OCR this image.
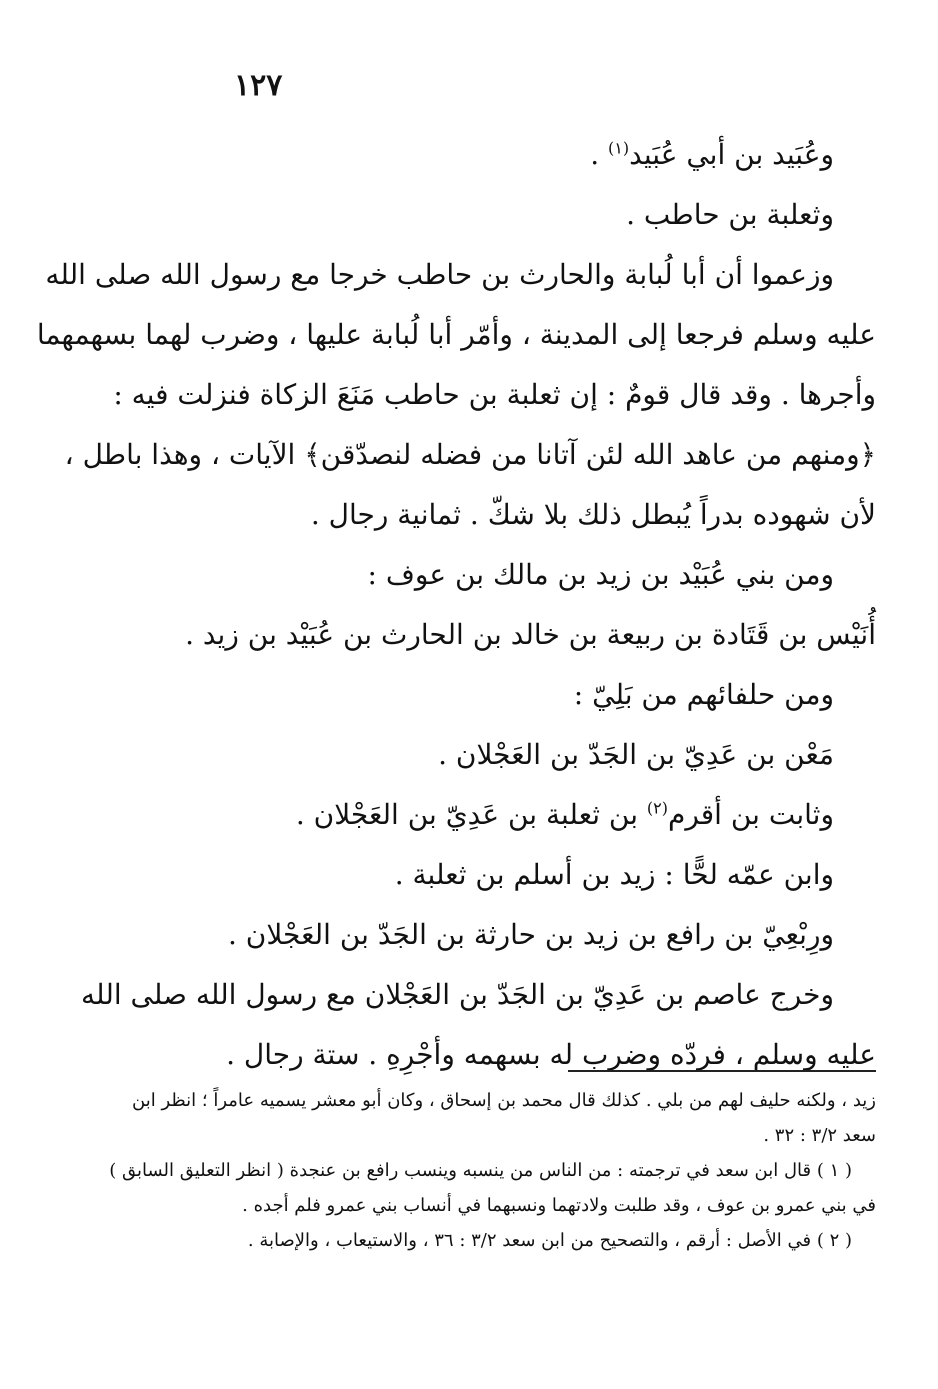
١٢٧
وعُبَيد بن أبي عُبَيد$^{(١)}$ .
وثعلبة بن حاطب .
وزعموا أن أبا لُبابة والحارث بن حاطب خرجا مع رسول الله صلى الله
عليه وسلم فرجعا إلى المدينة ، وأمّر أبا لُبابة عليها ، وضرب لهما بسهمهما
وأجرها . وقد قال قومٌ : إن ثعلبة بن حاطب مَنَعَ الزكاة فنزلت فيه :
﴿ومنهم من عاهد الله لئن آتانا من فضله لنصدّقن﴾ الآيات ، وهذا باطل ،
لأن شهوده بدراً يُبطل ذلك بلا شكّ . ثمانية رجال .
ومن بني عُبَيْد بن زيد بن مالك بن عوف :
أُنَيْس بن قَتَادة بن ربيعة بن خالد بن الحارث بن عُبَيْد بن زيد .
ومن حلفائهم من بَلِيّ :
مَعْن بن عَدِيّ بن الجَدّ بن العَجْلان .
وثابت بن أقرم$^{(٢)}$ بن ثعلبة بن عَدِيّ بن العَجْلان .
وابن عمّه لحًّا : زيد بن أسلم بن ثعلبة .
ورِبْعِيّ بن رافع بن زيد بن حارثة بن الجَدّ بن العَجْلان .
وخرج عاصم بن عَدِيّ بن الجَدّ بن العَجْلان مع رسول الله صلى الله
عليه وسلم ، فردّه وضرب له بسهمه وأجْرِهِ . ستة رجال .
زيد ، ولكنه حليف لهم من بلي . كذلك قال محمد بن إسحاق ، وكان أبو معشر يسميه عامراً ؛ انظر ابن
سعد ٣/٢ : ٣٢ .
( ١ ) قال ابن سعد في ترجمته : من الناس من ينسبه وينسب رافع بن عنجدة ( انظر التعليق السابق )
في بني عمرو بن عوف ، وقد طلبت ولادتهما ونسبهما في أنساب بني عمرو فلم أجده .
( ٢ ) في الأصل : أرقم ، والتصحيح من ابن سعد ٣/٢ : ٣٦ ، والاستيعاب ، والإصابة .
